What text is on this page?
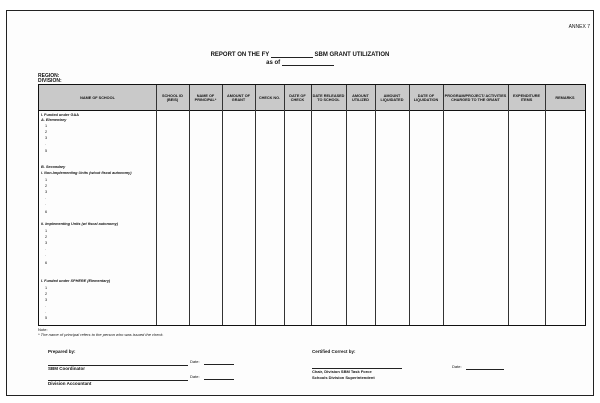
ANNEX 7
REPORT ON THE FY	SBM GRANT UTILIZATION
as of
REGION:
DIVISION:
NAME OF SCHOOL
SCHOOL ID (BEIS)
NAME OF PRINCIPAL*
AMOUNT OF GRANT
CHECK NO.
DATE OF CHECK
DATE RELEASED TO SCHOOL
AMOUNT UTILIZED
AMOUNT LIQUIDATED
DATE OF LIQUIDATION
PROGRAM/PROJECT/ ACTIVITIES CHARGED TO THE GRANT
EXPENDITURE ITEMS
REMARKS
I. Funded under GAA
A. Elementary
1
2
3
.
5
B. Secondary
i. Non-Implementing Units (w/out fiscal autonomy)
1
2
3
.
.
6
ii. Implementing Units (w/ fiscal autonomy)
1
2
3
.
.
6
I. Funded under SPHERE (Elementary)
1
2
3
.
.
5
Note:
* The name of principal refers to the person who was issued the check.
Prepared by:	Certified Correct by:
SBM Coordinator
Date:
Division Accountant
Date:
Chair, Division SBM Task Force
Schools Division Superintendent
Date:
